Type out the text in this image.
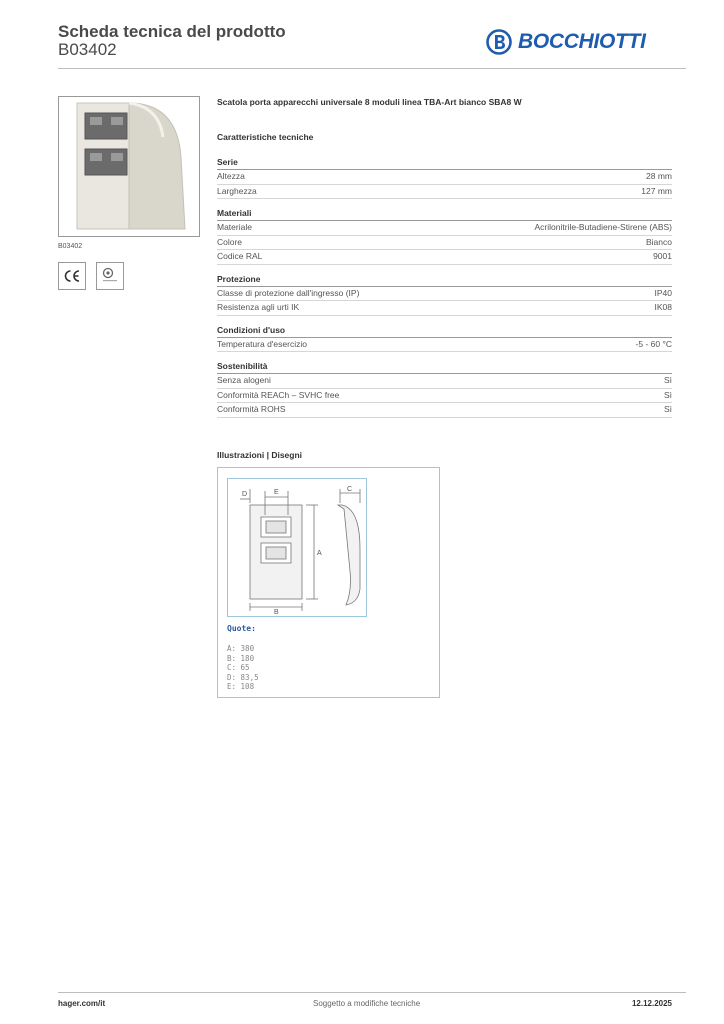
Scheda tecnica del prodotto
B03402	BOCCHIOTTI
B03402
Scatola porta apparecchi universale 8 moduli linea TBA-Art bianco SBA8 W
Caratteristiche tecniche
Serie
Altezza	28 mm
Larghezza	127 mm
Materiali
Materiale	Acrilonitrile-Butadiene-Stirene (ABS)
Colore	Bianco
Codice RAL	9001
Protezione
Classe di protezione dall'ingresso (IP)	IP40
Resistenza agli urti IK	IK08
Condizioni d'uso
Temperatura d'esercizio	-5 - 60 °C
Sostenibilità
Senza alogeni	Sì
Conformità REACh – SVHC free	Sì
Conformità ROHS	Sì
Illustrazioni | Disegni
A
B
C
D	E
Quote:
A: 380
B: 180
C: 65
D: 83,5
E: 108
hager.com/it	Soggetto a modifiche tecniche	12.12.2025
